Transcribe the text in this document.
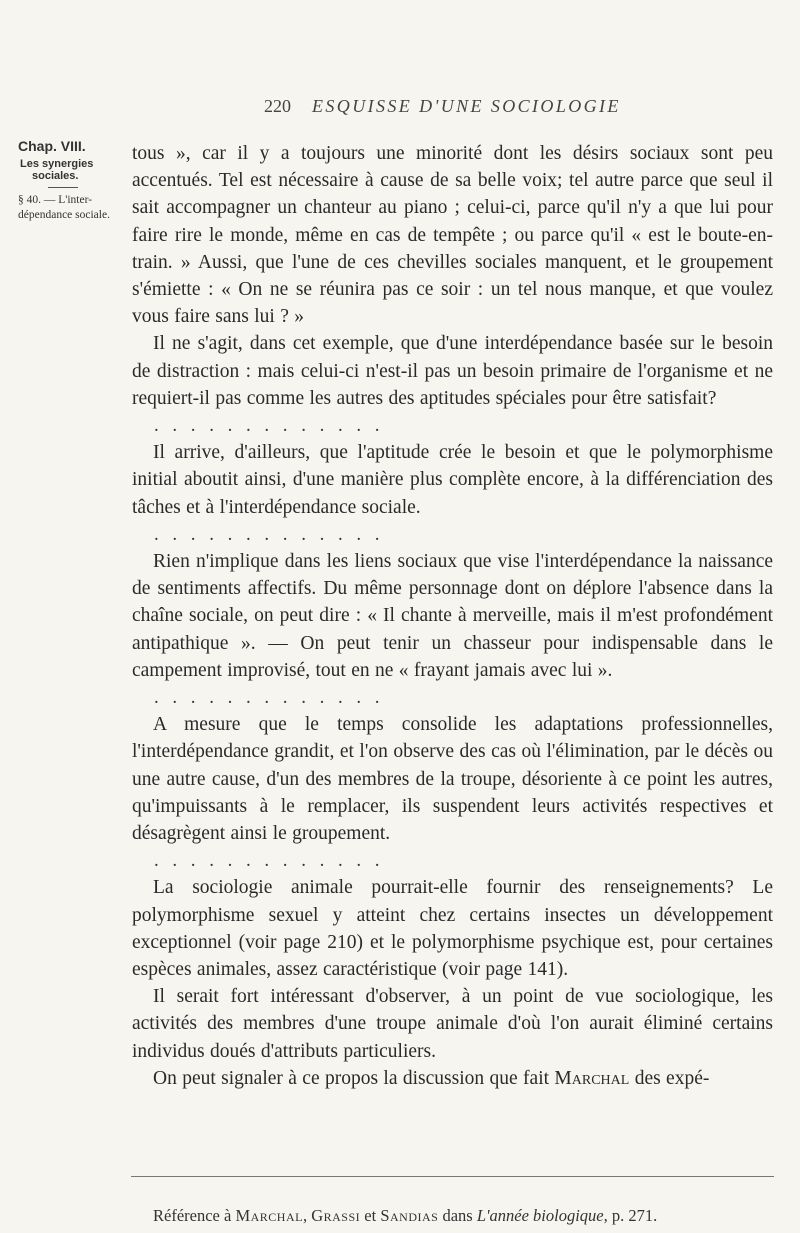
220 ESQUISSE D'UNE SOCIOLOGIE
Chap. VIII.
Les synergies
sociales.
§ 40. — L'inter-
dépendance sociale.

tous », car il y a toujours une minorité dont les désirs sociaux sont peu accentués. Tel est nécessaire à cause de sa belle voix; tel autre parce que seul il sait accompagner un chanteur au piano ; celui-ci, parce qu'il n'y a que lui pour faire rire le monde, même en cas de tempête ; ou parce qu'il « est le boute-en-train. » Aussi, que l'une de ces chevilles sociales manquent, et le groupement s'émiette : « On ne se réunira pas ce soir : un tel nous manque, et que voulez vous faire sans lui ? »

Il ne s'agit, dans cet exemple, que d'une interdépendance basée sur le besoin de distraction : mais celui-ci n'est-il pas un besoin primaire de l'organisme et ne requiert-il pas comme les autres des aptitudes spéciales pour être satisfait?

. . . . . . . . . . . . .

Il arrive, d'ailleurs, que l'aptitude crée le besoin et que le polymorphisme initial aboutit ainsi, d'une manière plus complète encore, à la différenciation des tâches et à l'interdépendance sociale.

. . . . . . . . . . . . .

Rien n'implique dans les liens sociaux que vise l'interdépendance la naissance de sentiments affectifs. Du même personnage dont on déplore l'absence dans la chaîne sociale, on peut dire : « Il chante à merveille, mais il m'est profondément antipathique ». — On peut tenir un chasseur pour indispensable dans le campement improvisé, tout en ne « frayant jamais avec lui ».

. . . . . . . . . . . . .

A mesure que le temps consolide les adaptations professionnelles, l'interdépendance grandit, et l'on observe des cas où l'élimination, par le décès ou une autre cause, d'un des membres de la troupe, désoriente à ce point les autres, qu'impuissants à le remplacer, ils suspendent leurs activités respectives et désagrègent ainsi le groupement.

. . . . . . . . . . . . .

La sociologie animale pourrait-elle fournir des renseignements? Le polymorphisme sexuel y atteint chez certains insectes un développement exceptionnel (voir page 210) et le polymorphisme psychique est, pour certaines espèces animales, assez caractéristique (voir page 141).

Il serait fort intéressant d'observer, à un point de vue sociologique, les activités des membres d'une troupe animale d'où l'on aurait éliminé certains individus doués d'attributs particuliers.

On peut signaler à ce propos la discussion que fait Marchal des expé-

Référence à Marchal, Grassi et Sandias dans L'année biologique, p. 271.
